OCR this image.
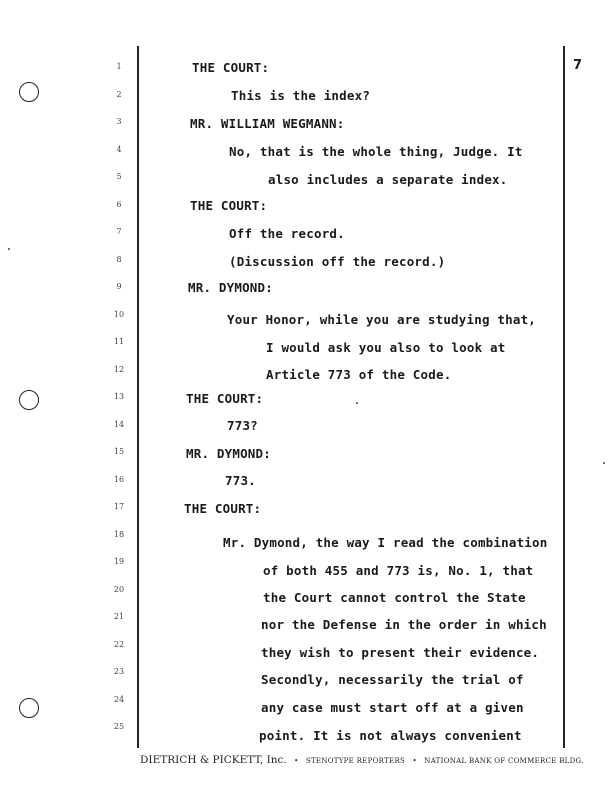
7
1
2
3
4
5
6
7
8
9
10
11
12
13
14
15
16
17
18
19
20
21
22
23
24
25
THE COURT:
This is the index?
MR. WILLIAM WEGMANN:
No, that is the whole thing, Judge. It
also includes a separate index.
THE COURT:
Off the record.
(Discussion off the record.)
MR. DYMOND:
Your Honor, while you are studying that,
I would ask you also to look at
Article 773 of the Code.
THE COURT:
773?
MR. DYMOND:
773.
THE COURT:
Mr. Dymond, the way I read the combination
of both 455 and 773 is, No. 1, that
the Court cannot control the State
nor the Defense in the order in which
they wish to present their evidence.
Secondly, necessarily the trial of
any case must start off at a given
point. It is not always convenient
DIETRICH & PICKETT, Inc. • STENOTYPE REPORTERS • NATIONAL BANK OF COMMERCE BLDG.
